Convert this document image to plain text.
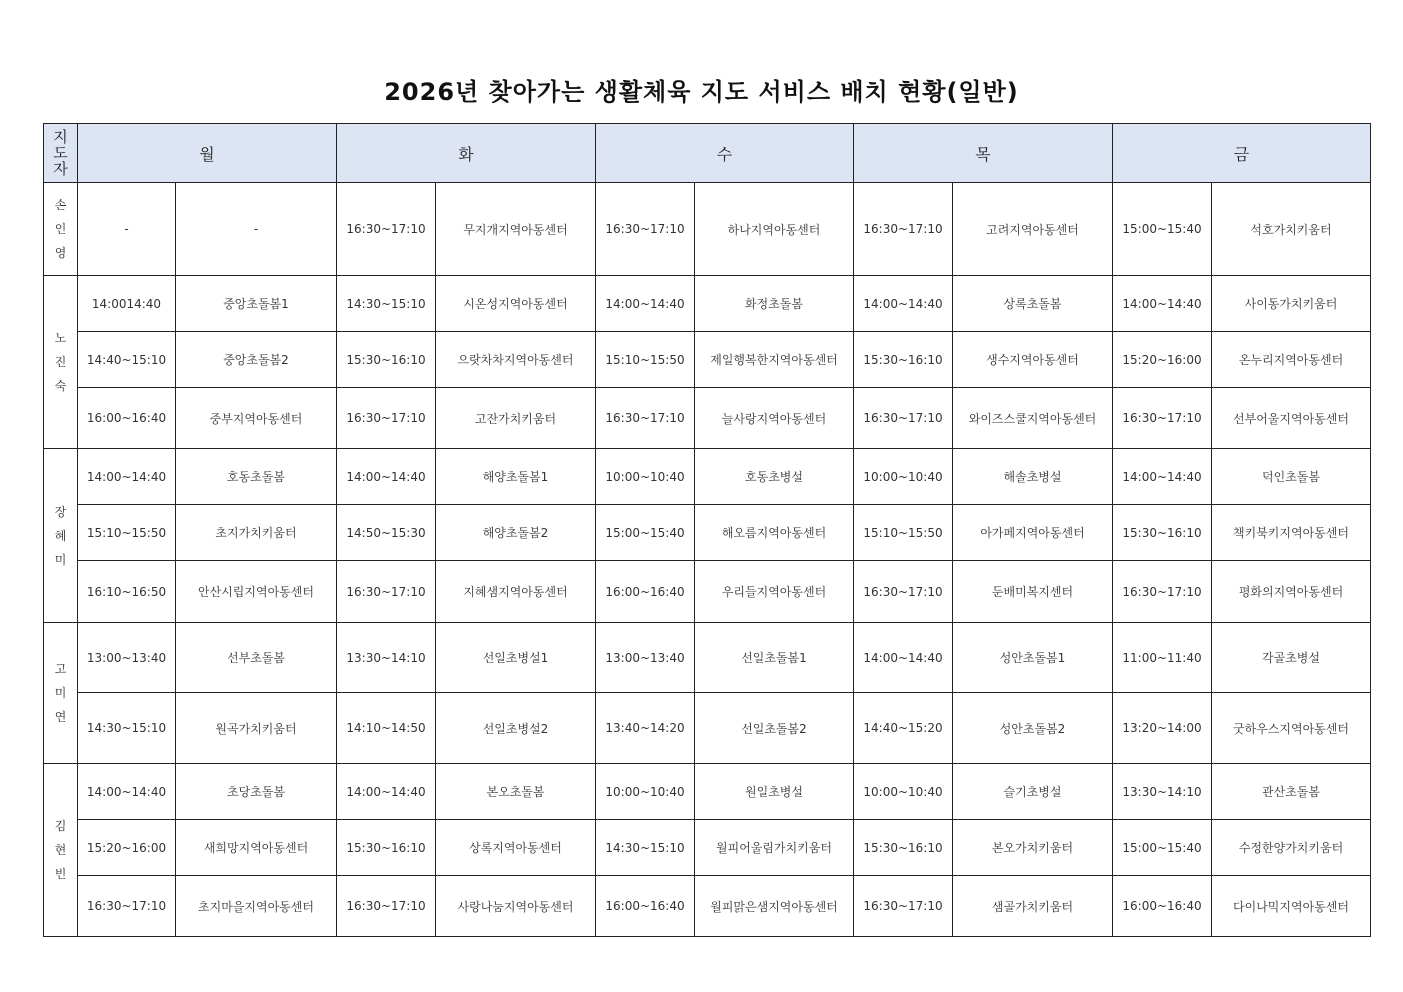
2026년 찾아가는 생활체육 지도 서비스 배치 현황(일반)
지
도
자	월		화		수		목		금	

손
인
영	-	-	16:30~17:10	무지개지역아동센터	16:30~17:10	하나지역아동센터	16:30~17:10	고려지역아동센터	15:00~15:40	석호가치키움터

노
진
숙	14:0014:40	중앙초돌봄1	14:30~15:10	시온성지역아동센터	14:00~14:40	화정초돌봄	14:00~14:40	상록초돌봄	14:00~14:40	사이동가치키움터
	14:40~15:10	중앙초돌봄2	15:30~16:10	으랏차차지역아동센터	15:10~15:50	제일행복한지역아동센터	15:30~16:10	생수지역아동센터	15:20~16:00	온누리지역아동센터
	16:00~16:40	중부지역아동센터	16:30~17:10	고잔가치키움터	16:30~17:10	늘사랑지역아동센터	16:30~17:10	와이즈스쿨지역아동센터	16:30~17:10	선부어울지역아동센터

장
혜
미	14:00~14:40	호동초돌봄	14:00~14:40	해양초돌봄1	10:00~10:40	호동초병설	10:00~10:40	해솔초병설	14:00~14:40	덕인초돌봄
	15:10~15:50	초지가치키움터	14:50~15:30	해양초돌봄2	15:00~15:40	해오름지역아동센터	15:10~15:50	아가페지역아동센터	15:30~16:10	책키북키지역아동센터
	16:10~16:50	안산시립지역아동센터	16:30~17:10	지혜샘지역아동센터	16:00~16:40	우리들지역아동센터	16:30~17:10	둔배미복지센터	16:30~17:10	평화의지역아동센터

고
미
연	13:00~13:40	선부초돌봄	13:30~14:10	선일초병설1	13:00~13:40	선일초돌봄1	14:00~14:40	성안초돌봄1	11:00~11:40	각골초병설
	14:30~15:10	원곡가치키움터	14:10~14:50	선일초병설2	13:40~14:20	선일초돌봄2	14:40~15:20	성안초돌봄2	13:20~14:00	굿하우스지역아동센터

김
현
빈	14:00~14:40	초당초돌봄	14:00~14:40	본오초돌봄	10:00~10:40	원일초병설	10:00~10:40	슬기초병설	13:30~14:10	관산초돌봄
	15:20~16:00	새희망지역아동센터	15:30~16:10	상록지역아동센터	14:30~15:10	월피어울림가치키움터	15:30~16:10	본오가치키움터	15:00~15:40	수정한양가치키움터
	16:30~17:10	초지마을지역아동센터	16:30~17:10	사랑나눔지역아동센터	16:00~16:40	월피맑은샘지역아동센터	16:30~17:10	샘골가치키움터	16:00~16:40	다이나믹지역아동센터
